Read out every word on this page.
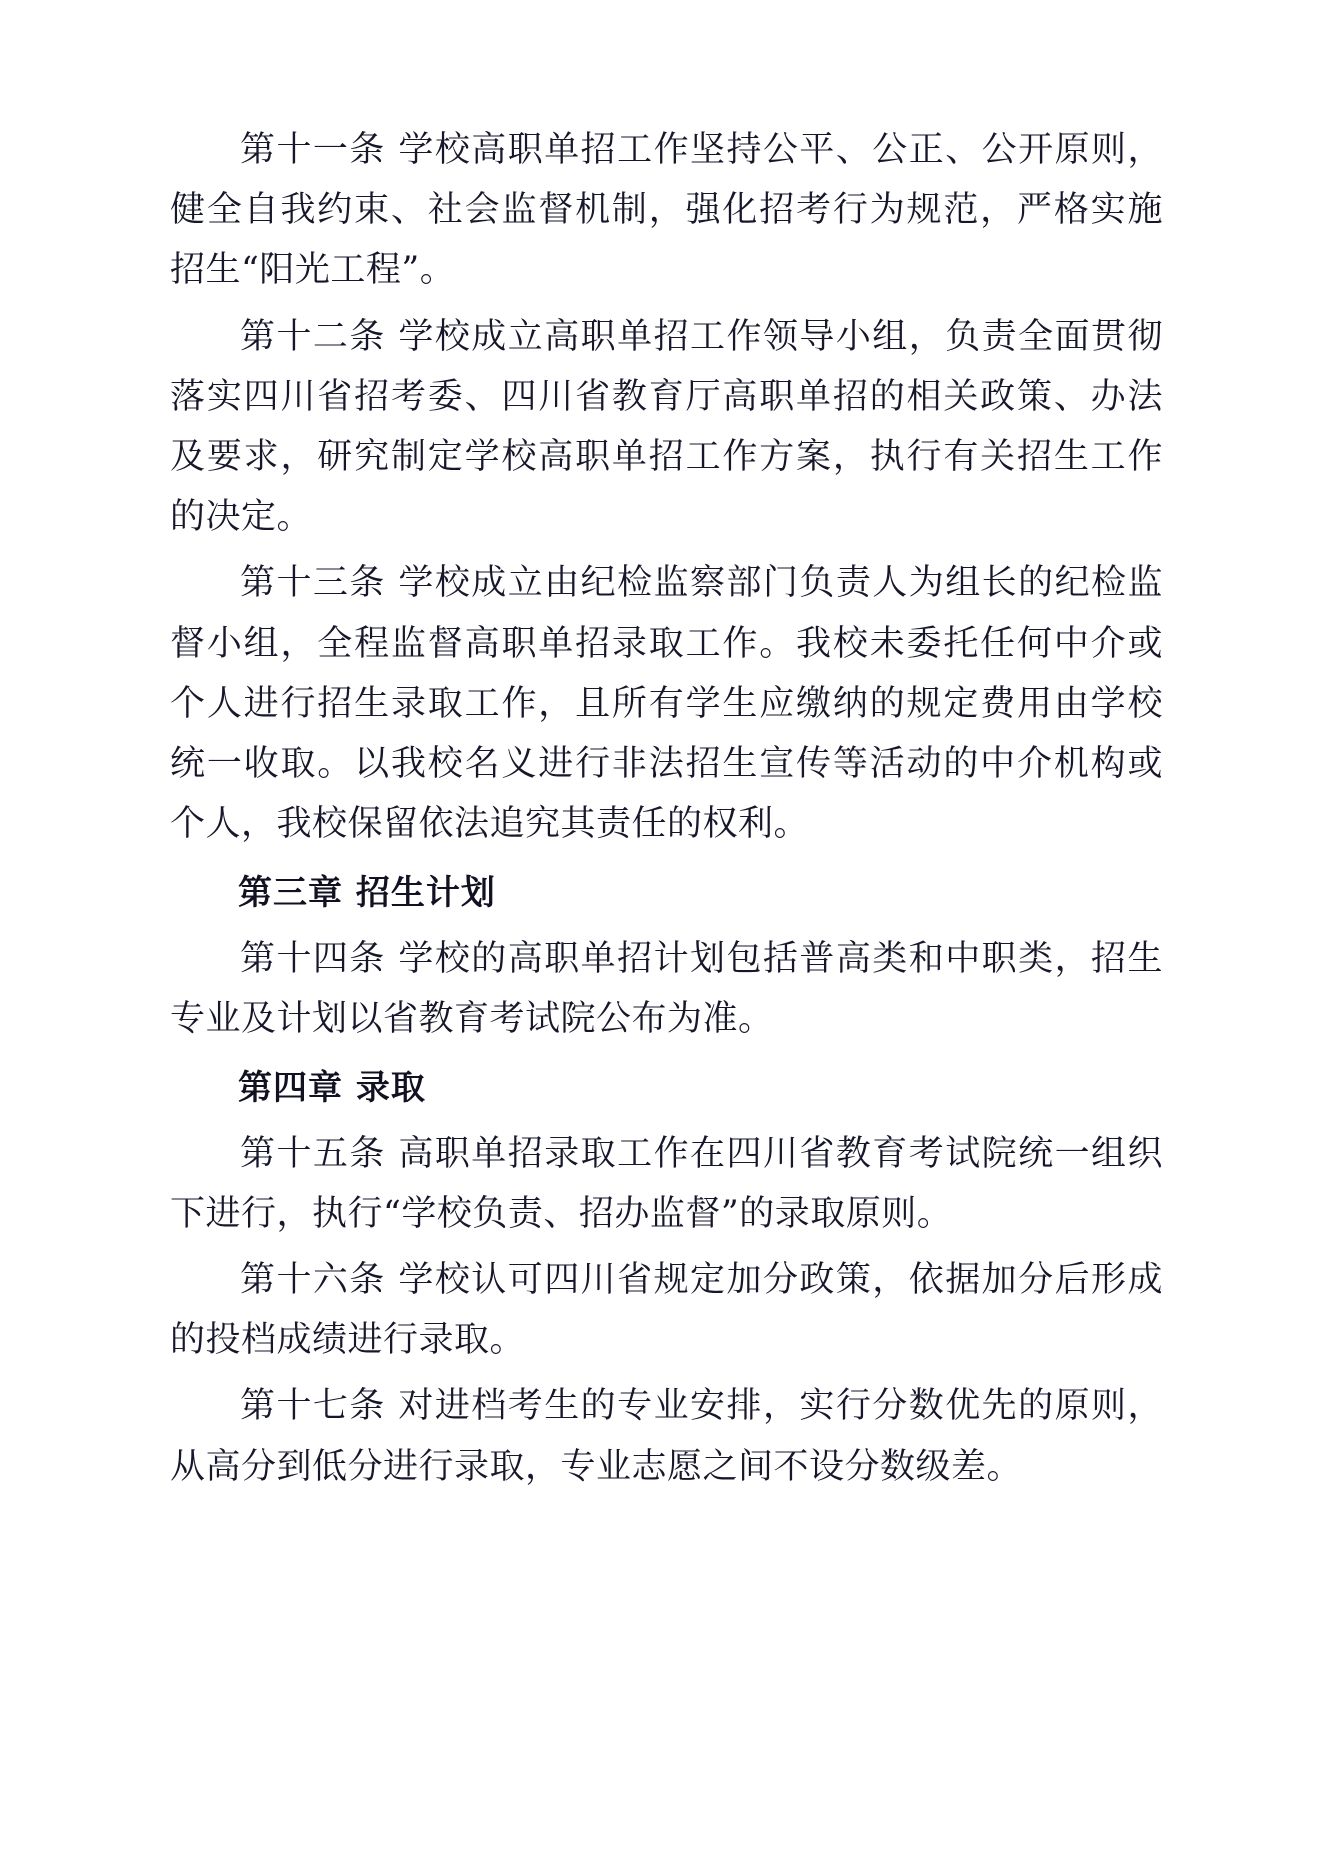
第十一条 学校高职单招工作坚持公平、公正、公开原则，健全自我约束、社会监督机制，强化招考行为规范，严格实施招生“阳光工程”。

第十二条 学校成立高职单招工作领导小组，负责全面贯彻落实四川省招考委、四川省教育厅高职单招的相关政策、办法及要求，研究制定学校高职单招工作方案，执行有关招生工作的决定。

第十三条 学校成立由纪检监察部门负责人为组长的纪检监督小组，全程监督高职单招录取工作。我校未委托任何中介或个人进行招生录取工作，且所有学生应缴纳的规定费用由学校统一收取。以我校名义进行非法招生宣传等活动的中介机构或个人，我校保留依法追究其责任的权利。

第三章 招生计划

第十四条 学校的高职单招计划包括普高类和中职类，招生专业及计划以省教育考试院公布为准。

第四章 录取

第十五条 高职单招录取工作在四川省教育考试院统一组织下进行，执行“学校负责、招办监督”的录取原则。

第十六条 学校认可四川省规定加分政策，依据加分后形成的投档成绩进行录取。

第十七条 对进档考生的专业安排，实行分数优先的原则，从高分到低分进行录取，专业志愿之间不设分数级差。
